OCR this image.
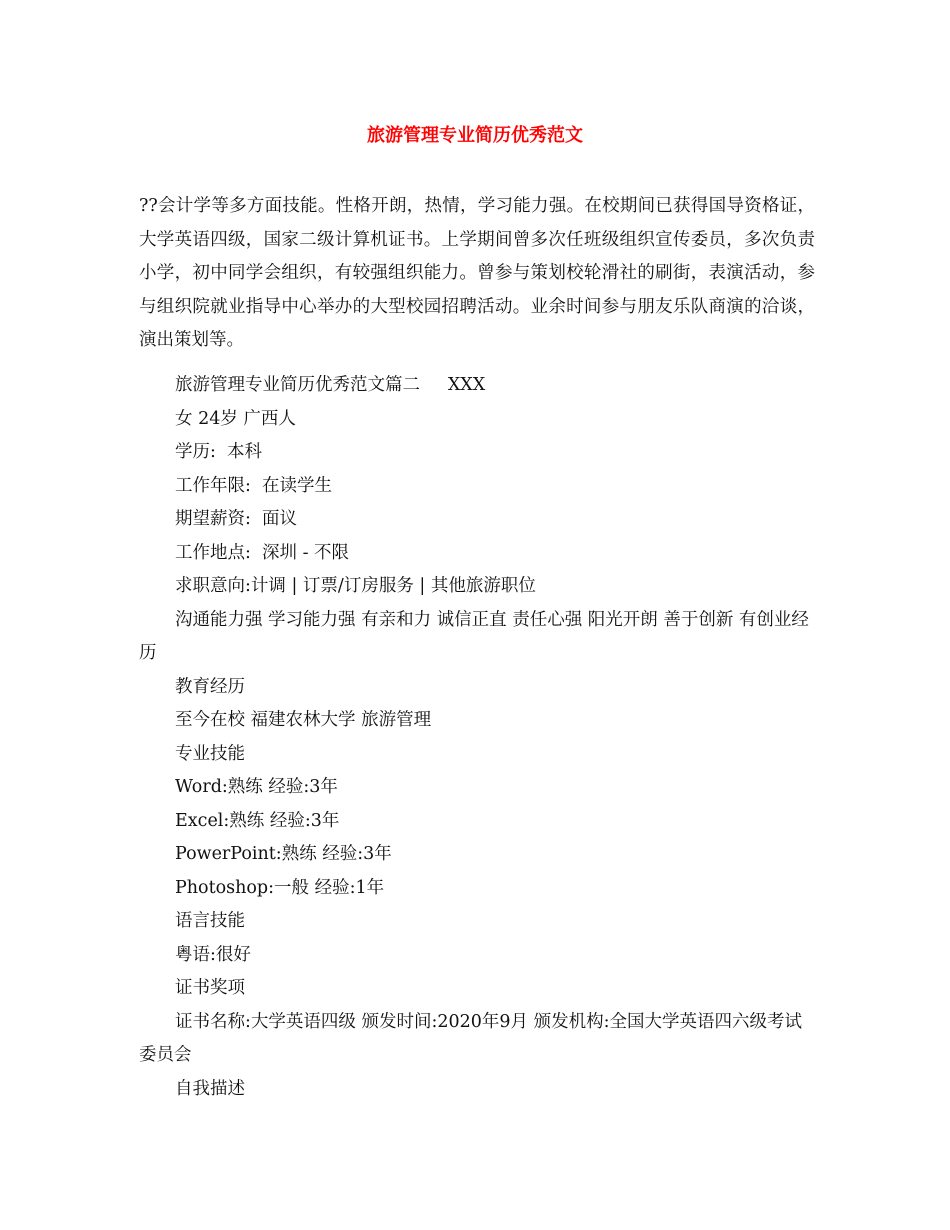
旅游管理专业简历优秀范文

??会计学等多方面技能。性格开朗，热情，学习能力强。在校期间已获得国导资格证，大学英语四级，国家二级计算机证书。上学期间曾多次任班级组织宣传委员，多次负责小学，初中同学会组织，有较强组织能力。曾参与策划校轮滑社的刷街，表演活动，参与组织院就业指导中心举办的大型校园招聘活动。业余时间参与朋友乐队商演的洽谈，演出策划等。

旅游管理专业简历优秀范文篇二     XXX

女 24岁 广西人

学历:  本科

工作年限:  在读学生

期望薪资:  面议

工作地点:  深圳 - 不限

求职意向:计调 | 订票/订房服务 | 其他旅游职位

沟通能力强 学习能力强 有亲和力 诚信正直 责任心强 阳光开朗 善于创新 有创业经历

教育经历

至今在校 福建农林大学 旅游管理

专业技能

Word:熟练 经验:3年

Excel:熟练 经验:3年

PowerPoint:熟练 经验:3年

Photoshop:一般 经验:1年

语言技能

粤语:很好

证书奖项

证书名称:大学英语四级 颁发时间:2020年9月 颁发机构:全国大学英语四六级考试委员会

自我描述
